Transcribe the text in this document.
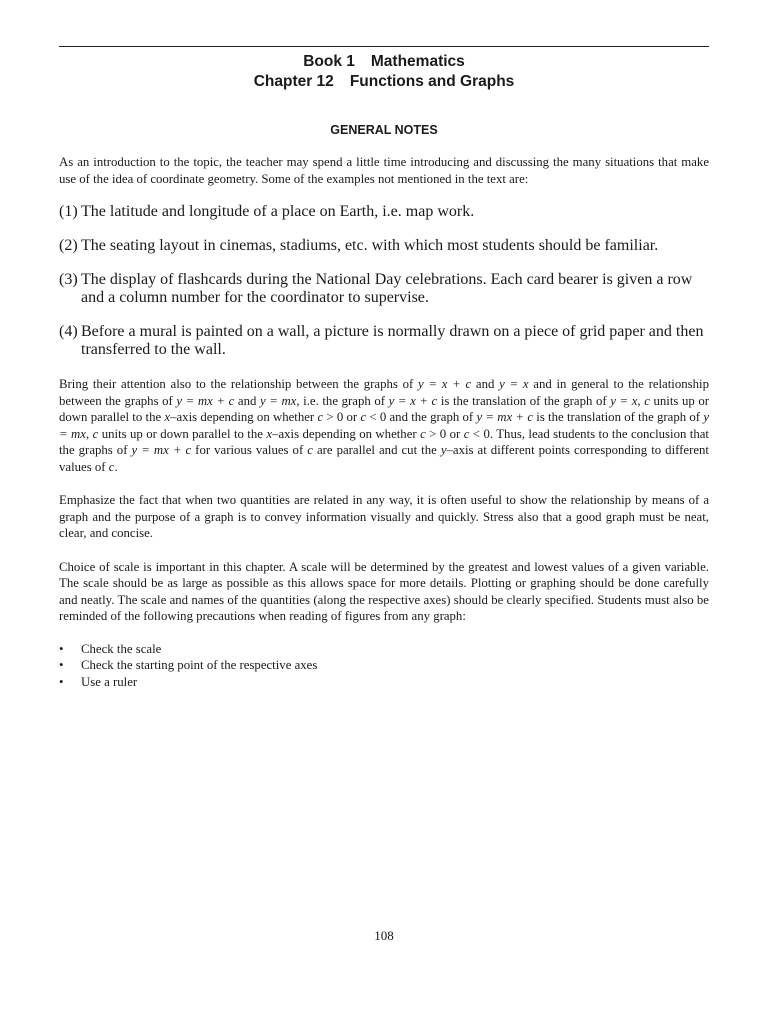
Book 1 Mathematics
Chapter 12 Functions and Graphs
GENERAL NOTES

As an introduction to the topic, the teacher may spend a little time introducing and discussing the many situations that make use of the idea of coordinate geometry. Some of the examples not mentioned in the text are:

(1) The latitude and longitude of a place on Earth, i.e. map work.
(2) The seating layout in cinemas, stadiums, etc. with which most students should be familiar.
(3) The display of flashcards during the National Day celebrations. Each card bearer is given a row and a column number for the coordinator to supervise.
(4) Before a mural is painted on a wall, a picture is normally drawn on a piece of grid paper and then transferred to the wall.

Bring their attention also to the relationship between the graphs of y = x + c and y = x and in general to the relationship between the graphs of y = mx + c and y = mx, i.e. the graph of y = x + c is the translation of the graph of y = x, c units up or down parallel to the x–axis depending on whether c > 0 or c < 0 and the graph of y = mx + c is the translation of the graph of y = mx, c units up or down parallel to the x–axis depending on whether c > 0 or c < 0. Thus, lead students to the conclusion that the graphs of y = mx + c for various values of c are parallel and cut the y–axis at different points corresponding to different values of c.

Emphasize the fact that when two quantities are related in any way, it is often useful to show the relationship by means of a graph and the purpose of a graph is to convey information visually and quickly. Stress also that a good graph must be neat, clear, and concise.

Choice of scale is important in this chapter. A scale will be determined by the greatest and lowest values of a given variable. The scale should be as large as possible as this allows space for more details. Plotting or graphing should be done carefully and neatly. The scale and names of the quantities (along the respective axes) should be clearly specified. Students must also be reminded of the following precautions when reading of figures from any graph:

•	Check the scale
•	Check the starting point of the respective axes
•	Use a ruler
108
